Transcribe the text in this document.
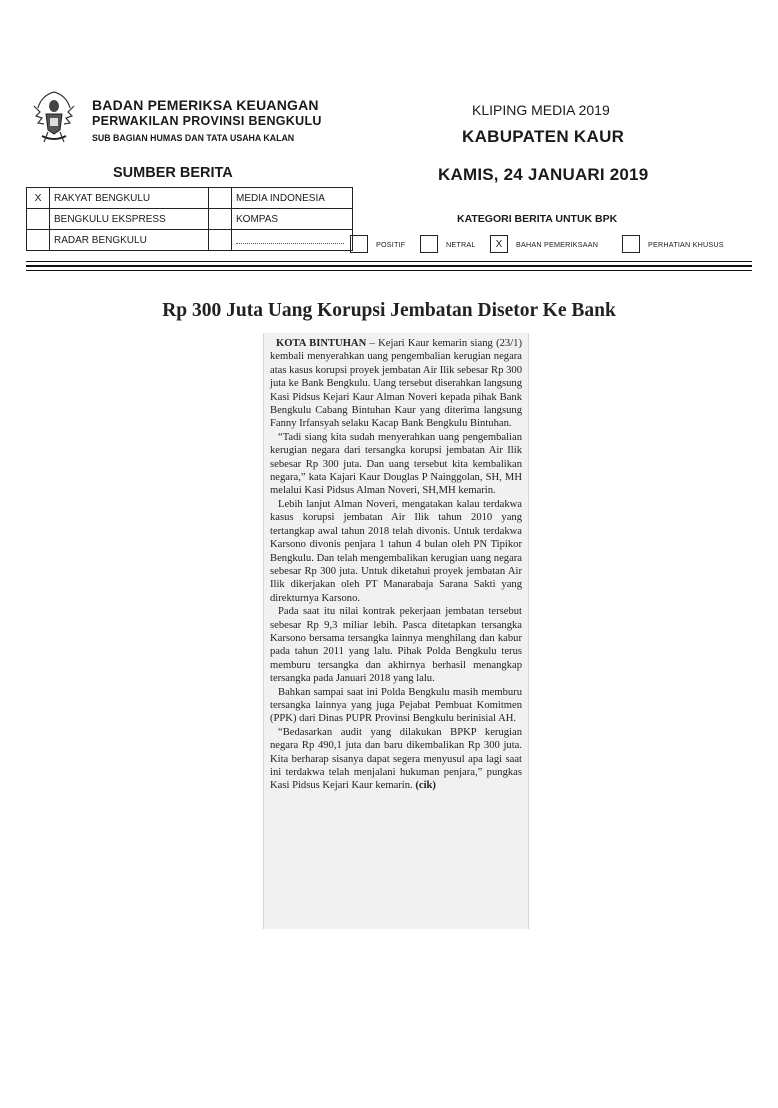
BADAN PEMERIKSA KEUANGAN
PERWAKILAN PROVINSI BENGKULU
SUB BAGIAN HUMAS DAN TATA USAHA KALAN
KLIPING MEDIA 2019
KABUPATEN KAUR
KAMIS, 24 JANUARI 2019
SUMBER BERITA
X	RAKYAT BENGKULU		MEDIA INDONESIA
	BENGKULU EKSPRESS		KOMPAS
	RADAR BENGKULU		
KATEGORI BERITA UNTUK BPK
POSITIF	NETRAL	X	BAHAN PEMERIKSAAN	PERHATIAN KHUSUS
Rp 300 Juta Uang Korupsi Jembatan Disetor Ke Bank

KOTA BINTUHAN – Kejari Kaur kemarin siang (23/1) kembali menyerahkan uang pengembalian kerugian negara atas kasus korupsi proyek jembatan Air Ilik sebesar Rp 300 juta ke Bank Bengkulu. Uang tersebut diserahkan langsung Kasi Pidsus Kejari Kaur Alman Noveri kepada pihak Bank Bengkulu Cabang Bintuhan Kaur yang diterima langsung Fanny Irfansyah selaku Kacap Bank Bengkulu Bintuhan.

“Tadi siang kita sudah menyerahkan uang pengembalian kerugian negara dari tersangka korupsi jembatan Air Ilik sebesar Rp 300 juta. Dan uang tersebut kita kembalikan negara,” kata Kajari Kaur Douglas P Nainggolan, SH, MH melalui Kasi Pidsus Alman Noveri, SH,MH kemarin.

Lebih lanjut Alman Noveri, mengatakan kalau terdakwa kasus korupsi jembatan Air Ilik tahun 2010 yang tertangkap awal tahun 2018 telah divonis. Untuk terdakwa Karsono divonis penjara 1 tahun 4 bulan oleh PN Tipikor Bengkulu. Dan telah mengembalikan kerugian uang negara sebesar Rp 300 juta. Untuk diketahui proyek jembatan Air Ilik dikerjakan oleh PT Manarabaja Sarana Sakti yang direkturnya Karsono.

Pada saat itu nilai kontrak pekerjaan jembatan tersebut sebesar Rp 9,3 miliar lebih. Pasca ditetapkan tersangka Karsono bersama tersangka lainnya menghilang dan kabur pada tahun 2011 yang lalu. Pihak Polda Bengkulu terus memburu tersangka dan akhirnya berhasil menangkap tersangka pada Januari 2018 yang lalu.

Bahkan sampai saat ini Polda Bengkulu masih memburu tersangka lainnya yang juga Pejabat Pembuat Komitmen (PPK) dari Dinas PUPR Provinsi Bengkulu berinisial AH.

“Bedasarkan audit yang dilakukan BPKP kerugian negara Rp 490,1 juta dan baru dikembalikan Rp 300 juta. Kita berharap sisanya dapat segera menyusul apa lagi saat ini terdakwa telah menjalani hukuman penjara,” pungkas Kasi Pidsus Kejari Kaur kemarin. (cik)
